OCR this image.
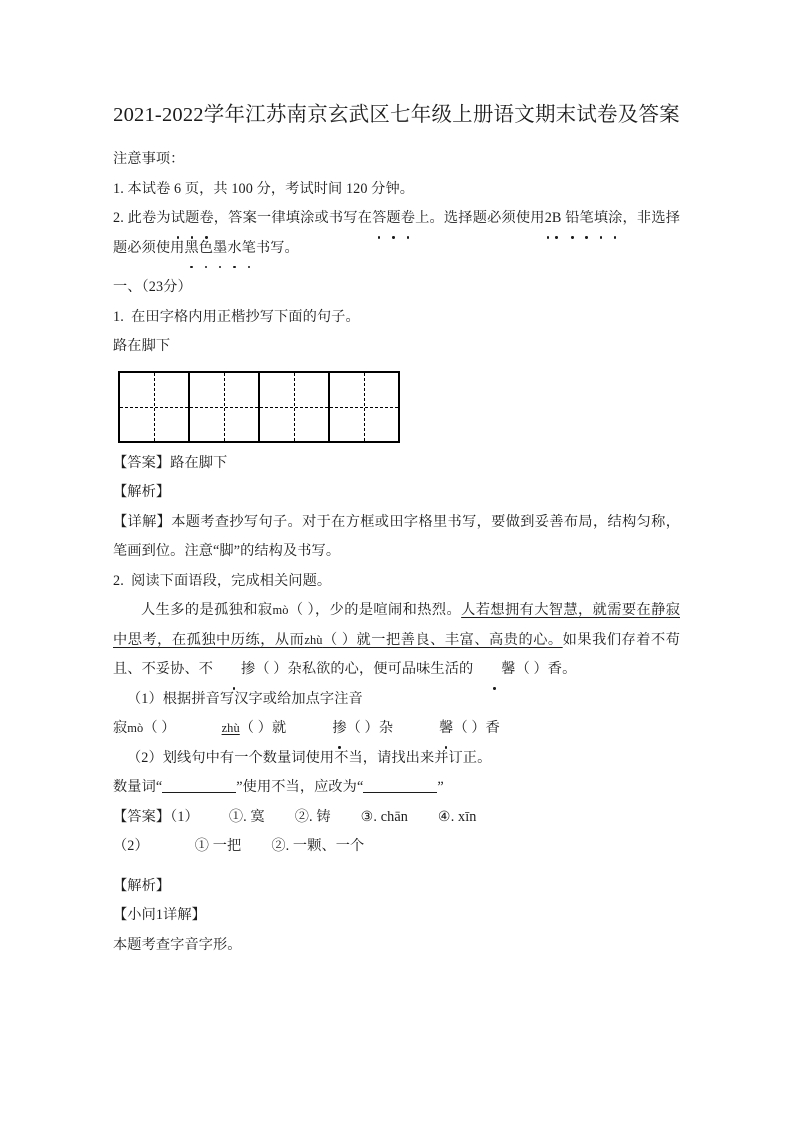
2021-2022学年江苏南京玄武区七年级上册语文期末试卷及答案

注意事项：

1. 本试卷 6 页，共 100 分，考试时间 120 分钟。

2. 此卷为试题卷，答案一律填涂或书写在答题卷上。选择题必须使用2B 铅笔填涂，非选择题必须使用黑色墨水笔书写。

一、（23分）

1. 在田字格内用正楷抄写下面的句子。

路在脚下

【答案】路在脚下

【解析】

【详解】本题考查抄写句子。对于在方框或田字格里书写，要做到妥善布局，结构匀称，笔画到位。注意“脚”的结构及书写。

2. 阅读下面语段，完成相关问题。

人生多的是孤独和寂mò（ ），少的是喧闹和热烈。人若想拥有大智慧，就需要在静寂中思考，在孤独中历练，从而zhù（ ）就一把善良、丰富、高贵的心。如果我们存着不苟且、不妥协、不 掺（ ）杂私欲的心，便可品味生活的 馨（ ）香。

（1）根据拼音写汉字或给加点字注音

寂mò（ ）	zhù（ ）就	掺（ ）杂	馨（ ）香

（2）划线句中有一个数量词使用不当，请找出来并订正。

数量词“	”使用不当，应改为“	”

【答案】（1） ①. 寞 ②. 铸 ③. chān ④. xīn

（2）	① 一把 ②. 一颗、一个

【解析】

【小问1详解】

本题考查字音字形。
